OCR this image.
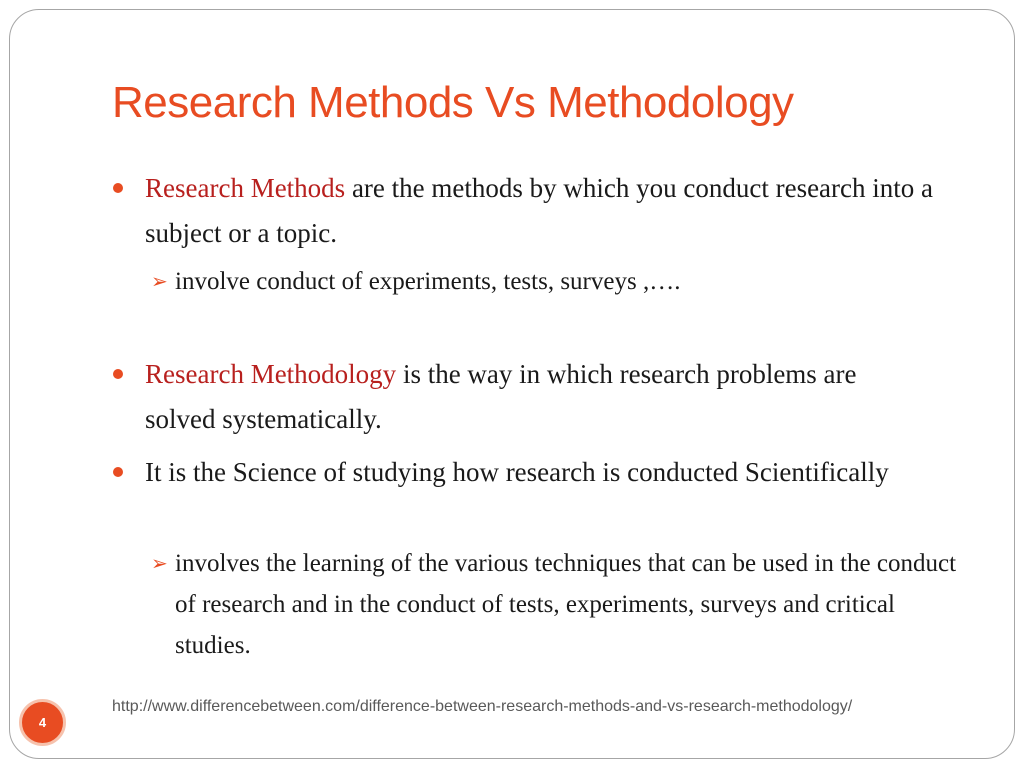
Research Methods Vs Methodology

Research Methods are the methods by which you conduct research into a subject or a topic.

➢ involve conduct of experiments, tests, surveys ,….

Research Methodology is the way in which research problems are solved systematically.

It is the Science of studying how research is conducted Scientifically

➢ involves the learning of the various techniques that can be used in the conduct of research and in the conduct of tests, experiments, surveys and critical studies.

4

http://www.differencebetween.com/difference-between-research-methods-and-vs-research-methodology/
